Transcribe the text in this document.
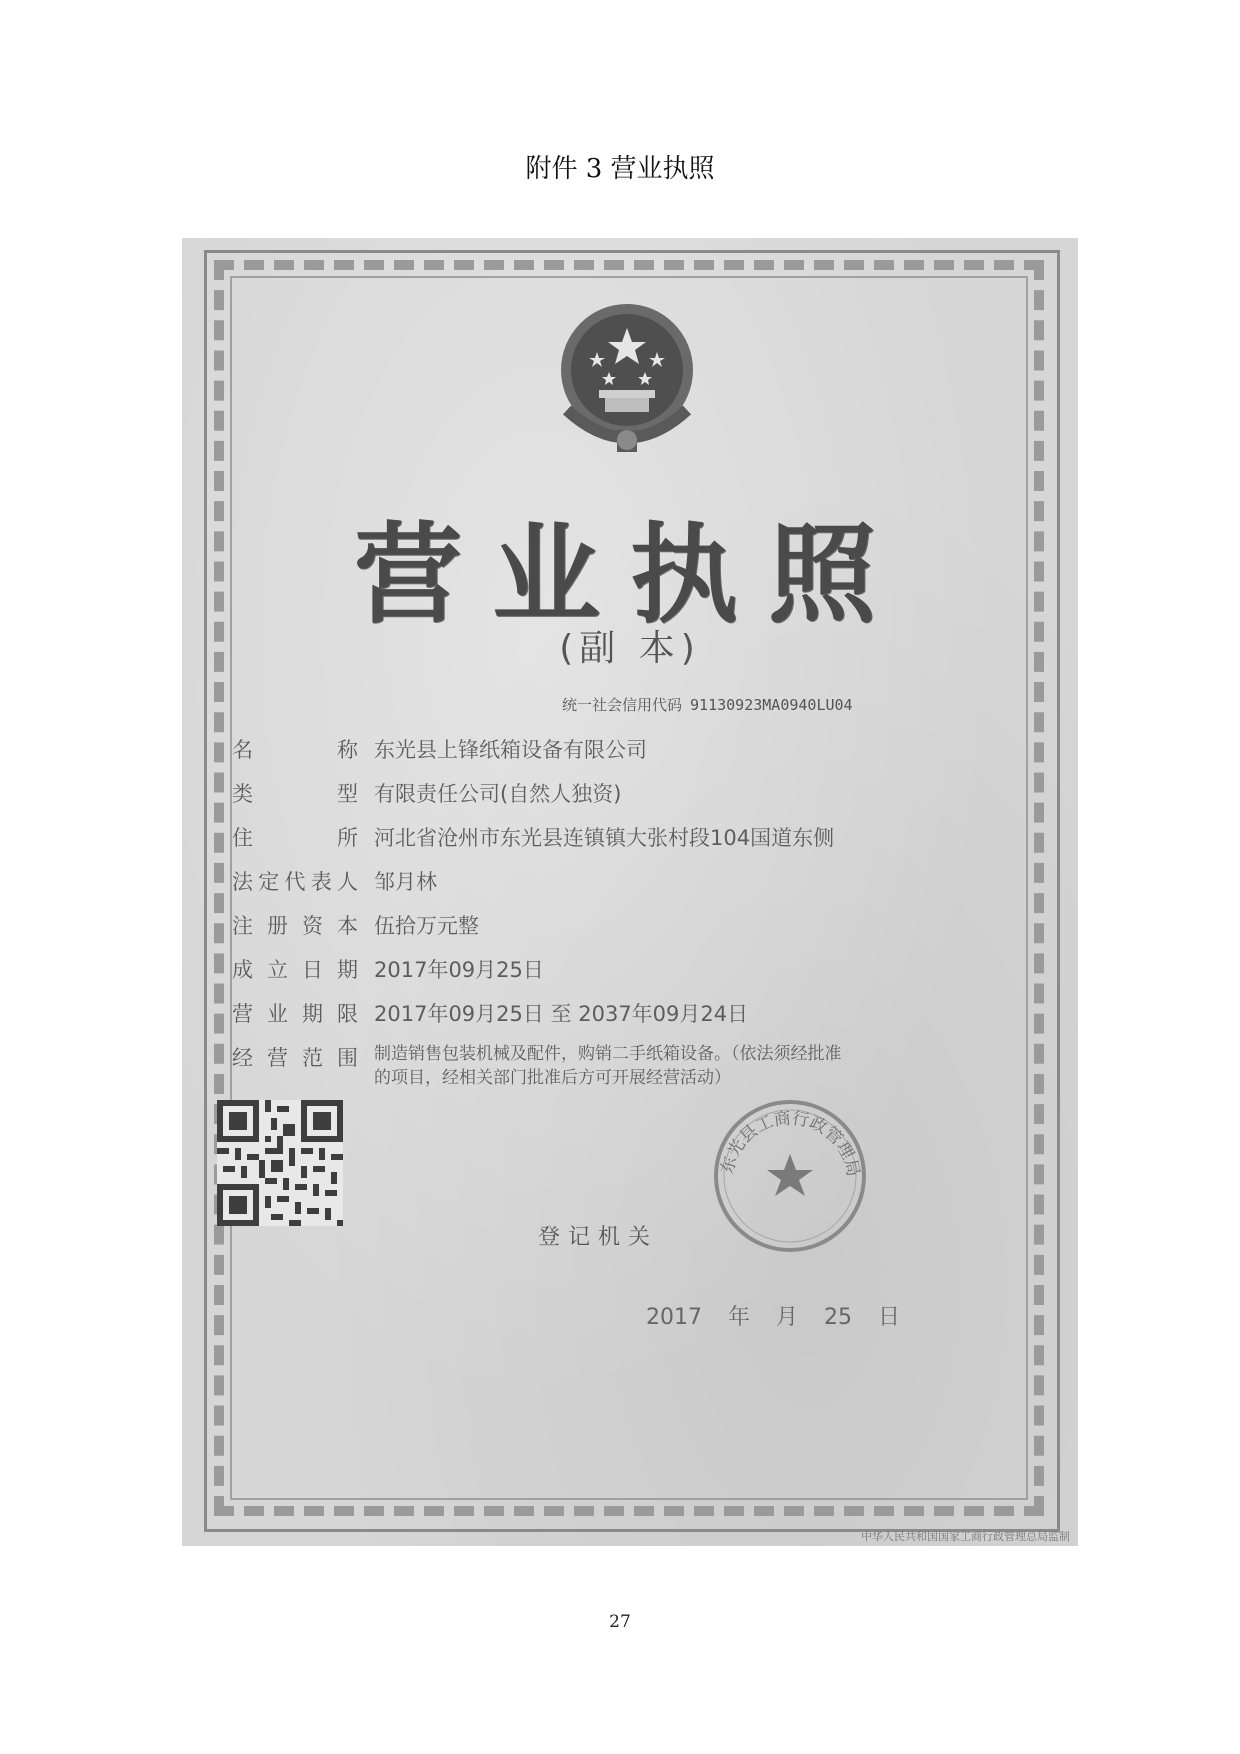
附件 3 营业执照
营业执照
(副 本)
统一社会信用代码 91130923MA0940LU04
名称 东光县上锋纸箱设备有限公司
类型 有限责任公司(自然人独资)
住所 河北省沧州市东光县连镇镇大张村段104国道东侧
法定代表人 邹月林
注册资本 伍拾万元整
成立日期 2017年09月25日
营业期限 2017年09月25日 至 2037年09月24日
经营范围 制造销售包装机械及配件，购销二手纸箱设备。（依法须经批准的项目，经相关部门批准后方可开展经营活动）
登记机关
东光县工商行政管理局
2017 年 月 25 日
中华人民共和国国家工商行政管理总局监制
27
